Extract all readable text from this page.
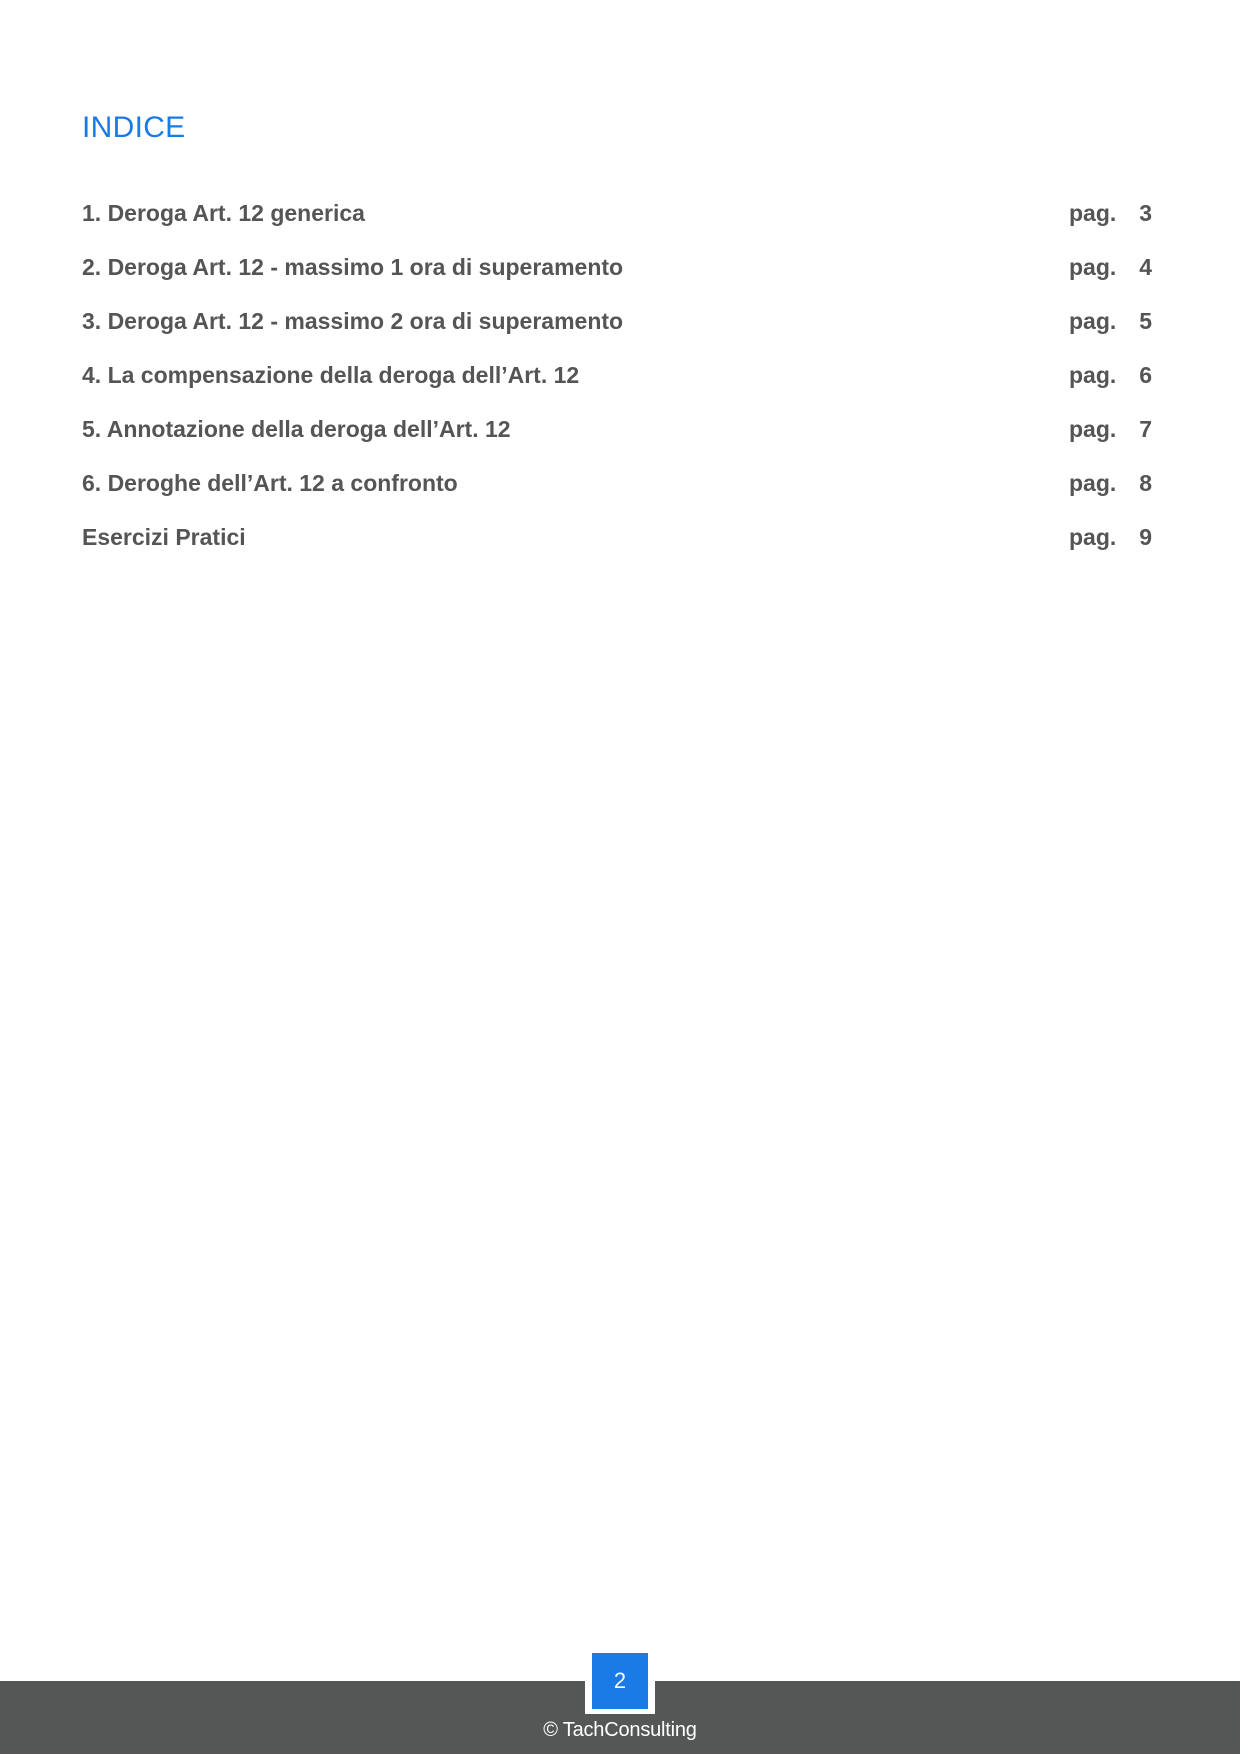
INDICE
1. Deroga Art. 12 generica	pag. 3
2. Deroga Art. 12 - massimo 1 ora di superamento	pag. 4
3. Deroga Art. 12 - massimo 2 ora di superamento	pag. 5
4. La compensazione della deroga dell’Art. 12	pag. 6
5. Annotazione della deroga dell’Art. 12	pag. 7
6. Deroghe dell’Art. 12 a confronto	pag. 8
Esercizi Pratici	pag. 9
© TachConsulting
2
